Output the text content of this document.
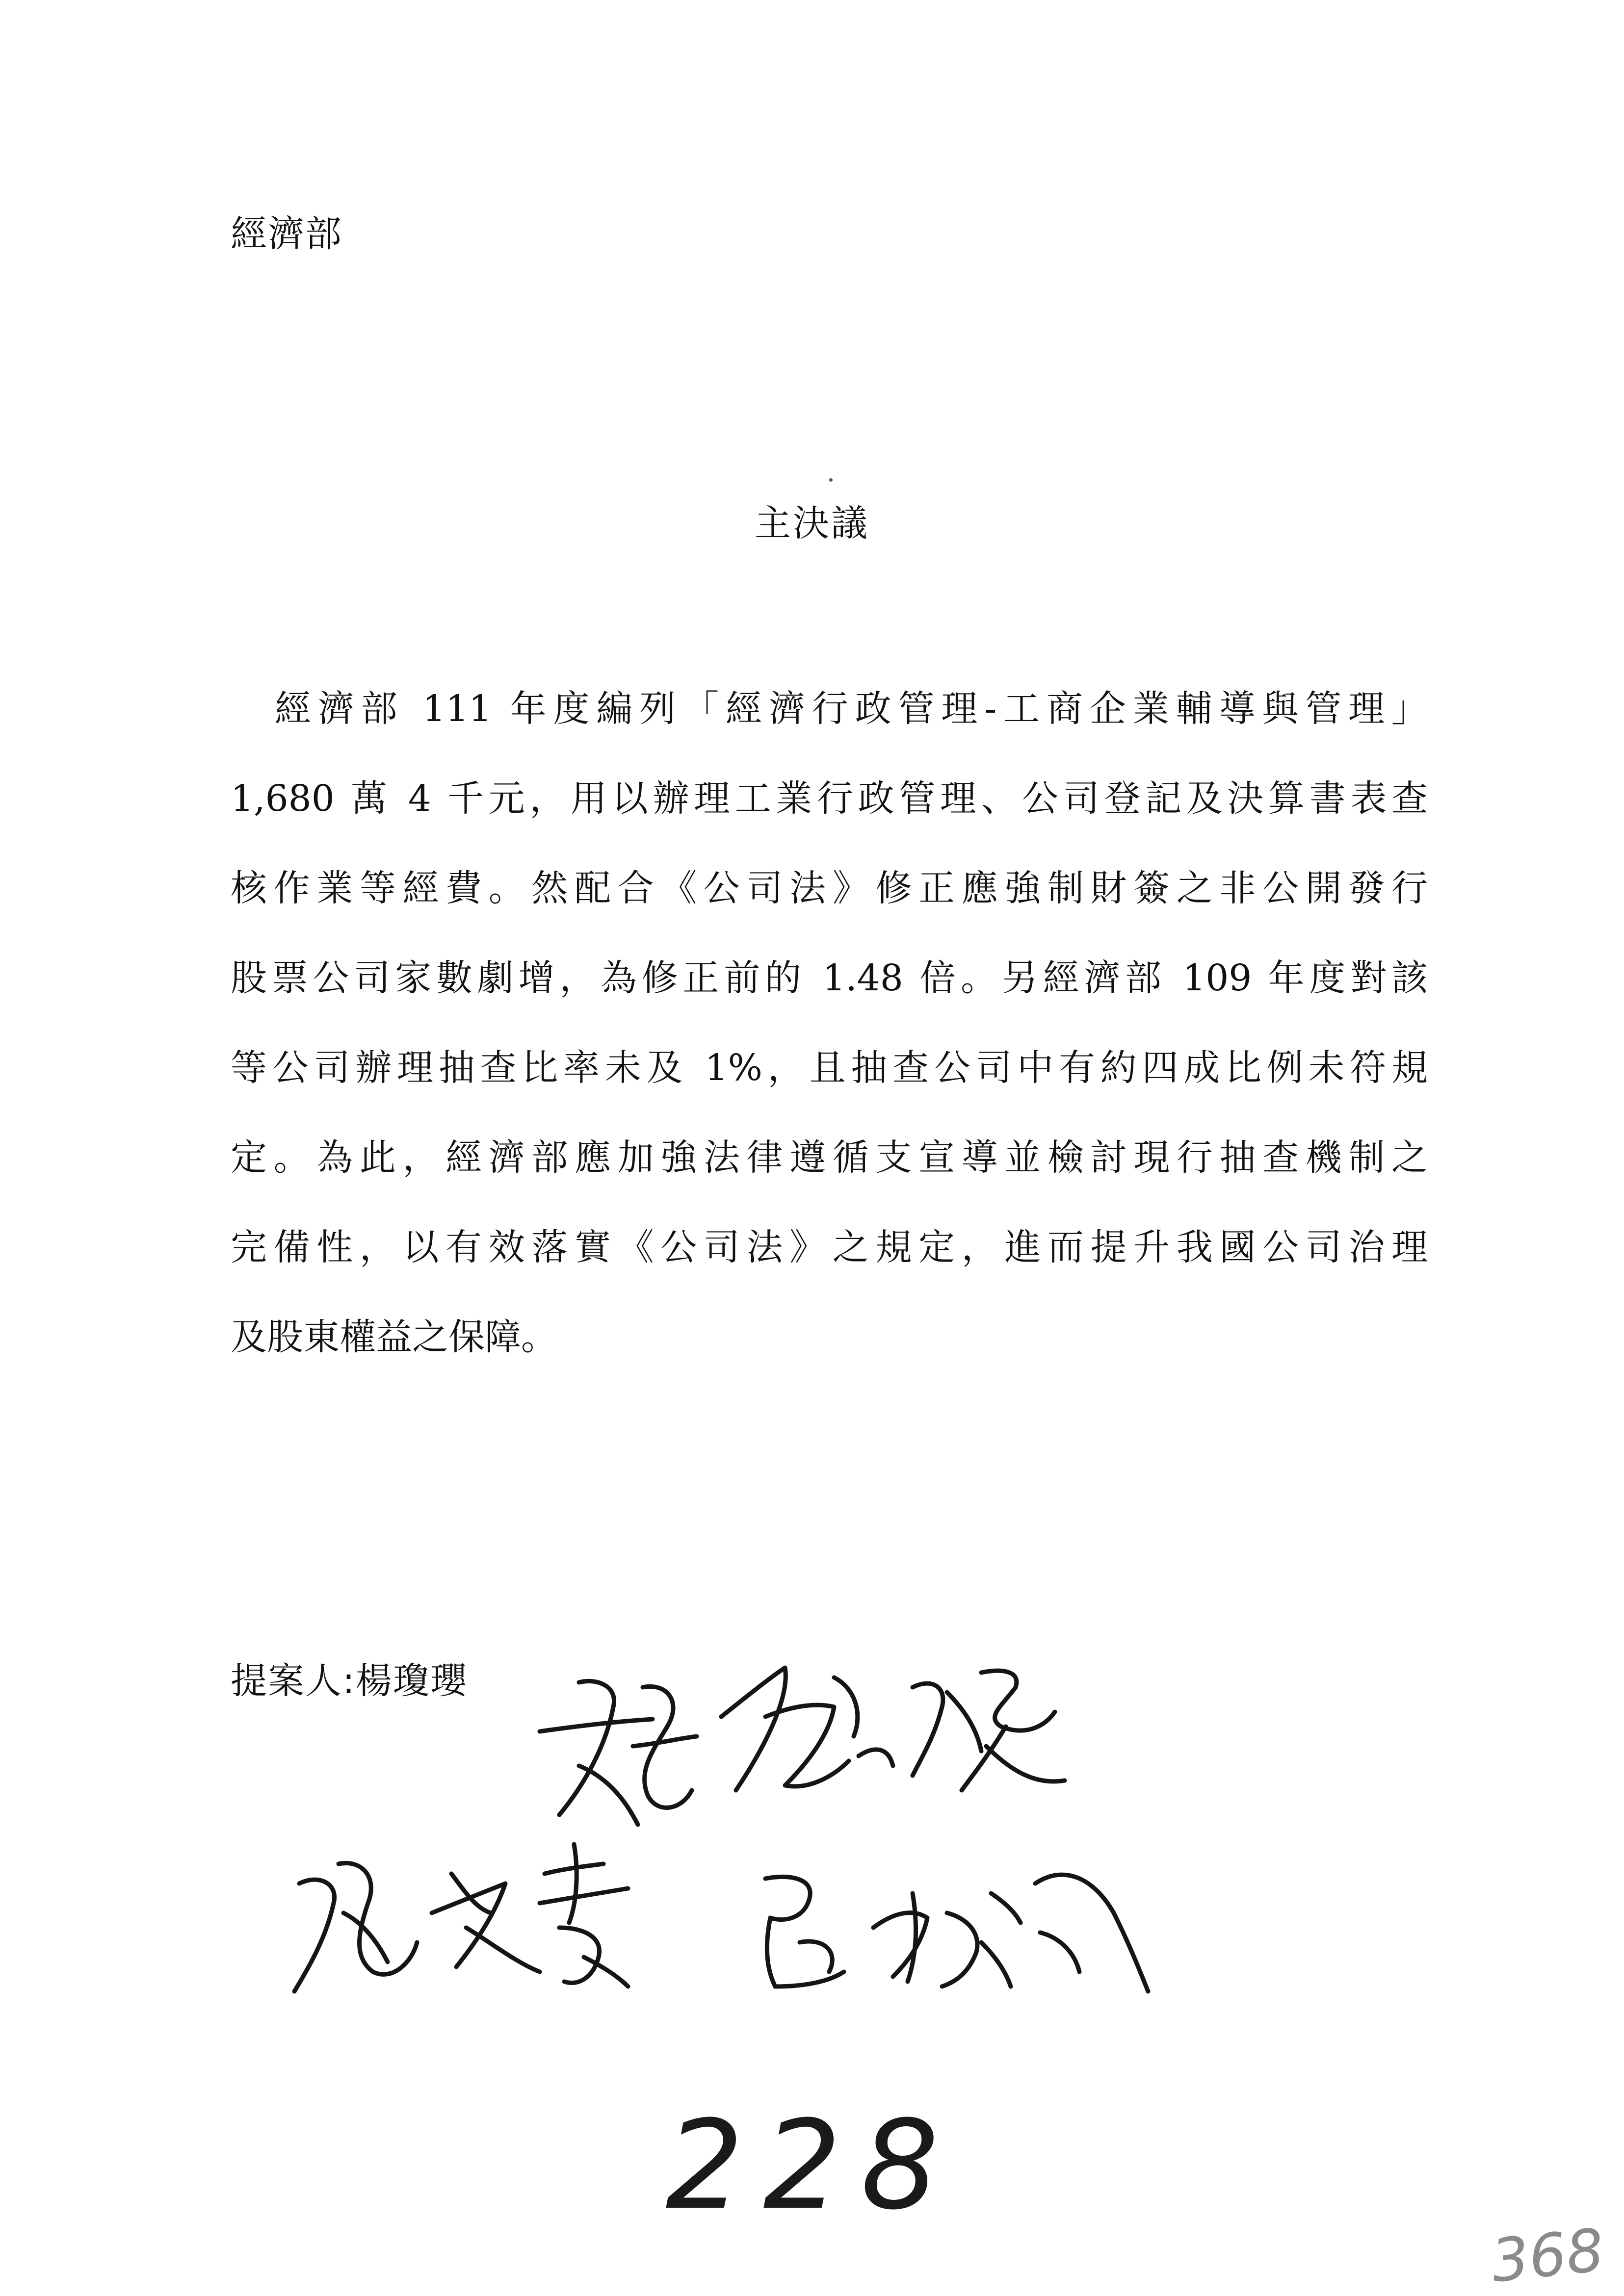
經濟部
主決議
經濟部 111 年度編列「經濟行政管理-工商企業輔導與管理」
1,680 萬 4 千元，用以辦理工業行政管理、公司登記及決算書表查
核作業等經費。然配合《公司法》修正應強制財簽之非公開發行
股票公司家數劇增，為修正前的 1.48 倍。另經濟部 109 年度對該
等公司辦理抽查比率未及 1%，且抽查公司中有約四成比例未符規
定。為此，經濟部應加強法律遵循支宣導並檢討現行抽查機制之
完備性，以有效落實《公司法》之規定，進而提升我國公司治理
及股東權益之保障。
提案人:楊瓊瓔
228
368
